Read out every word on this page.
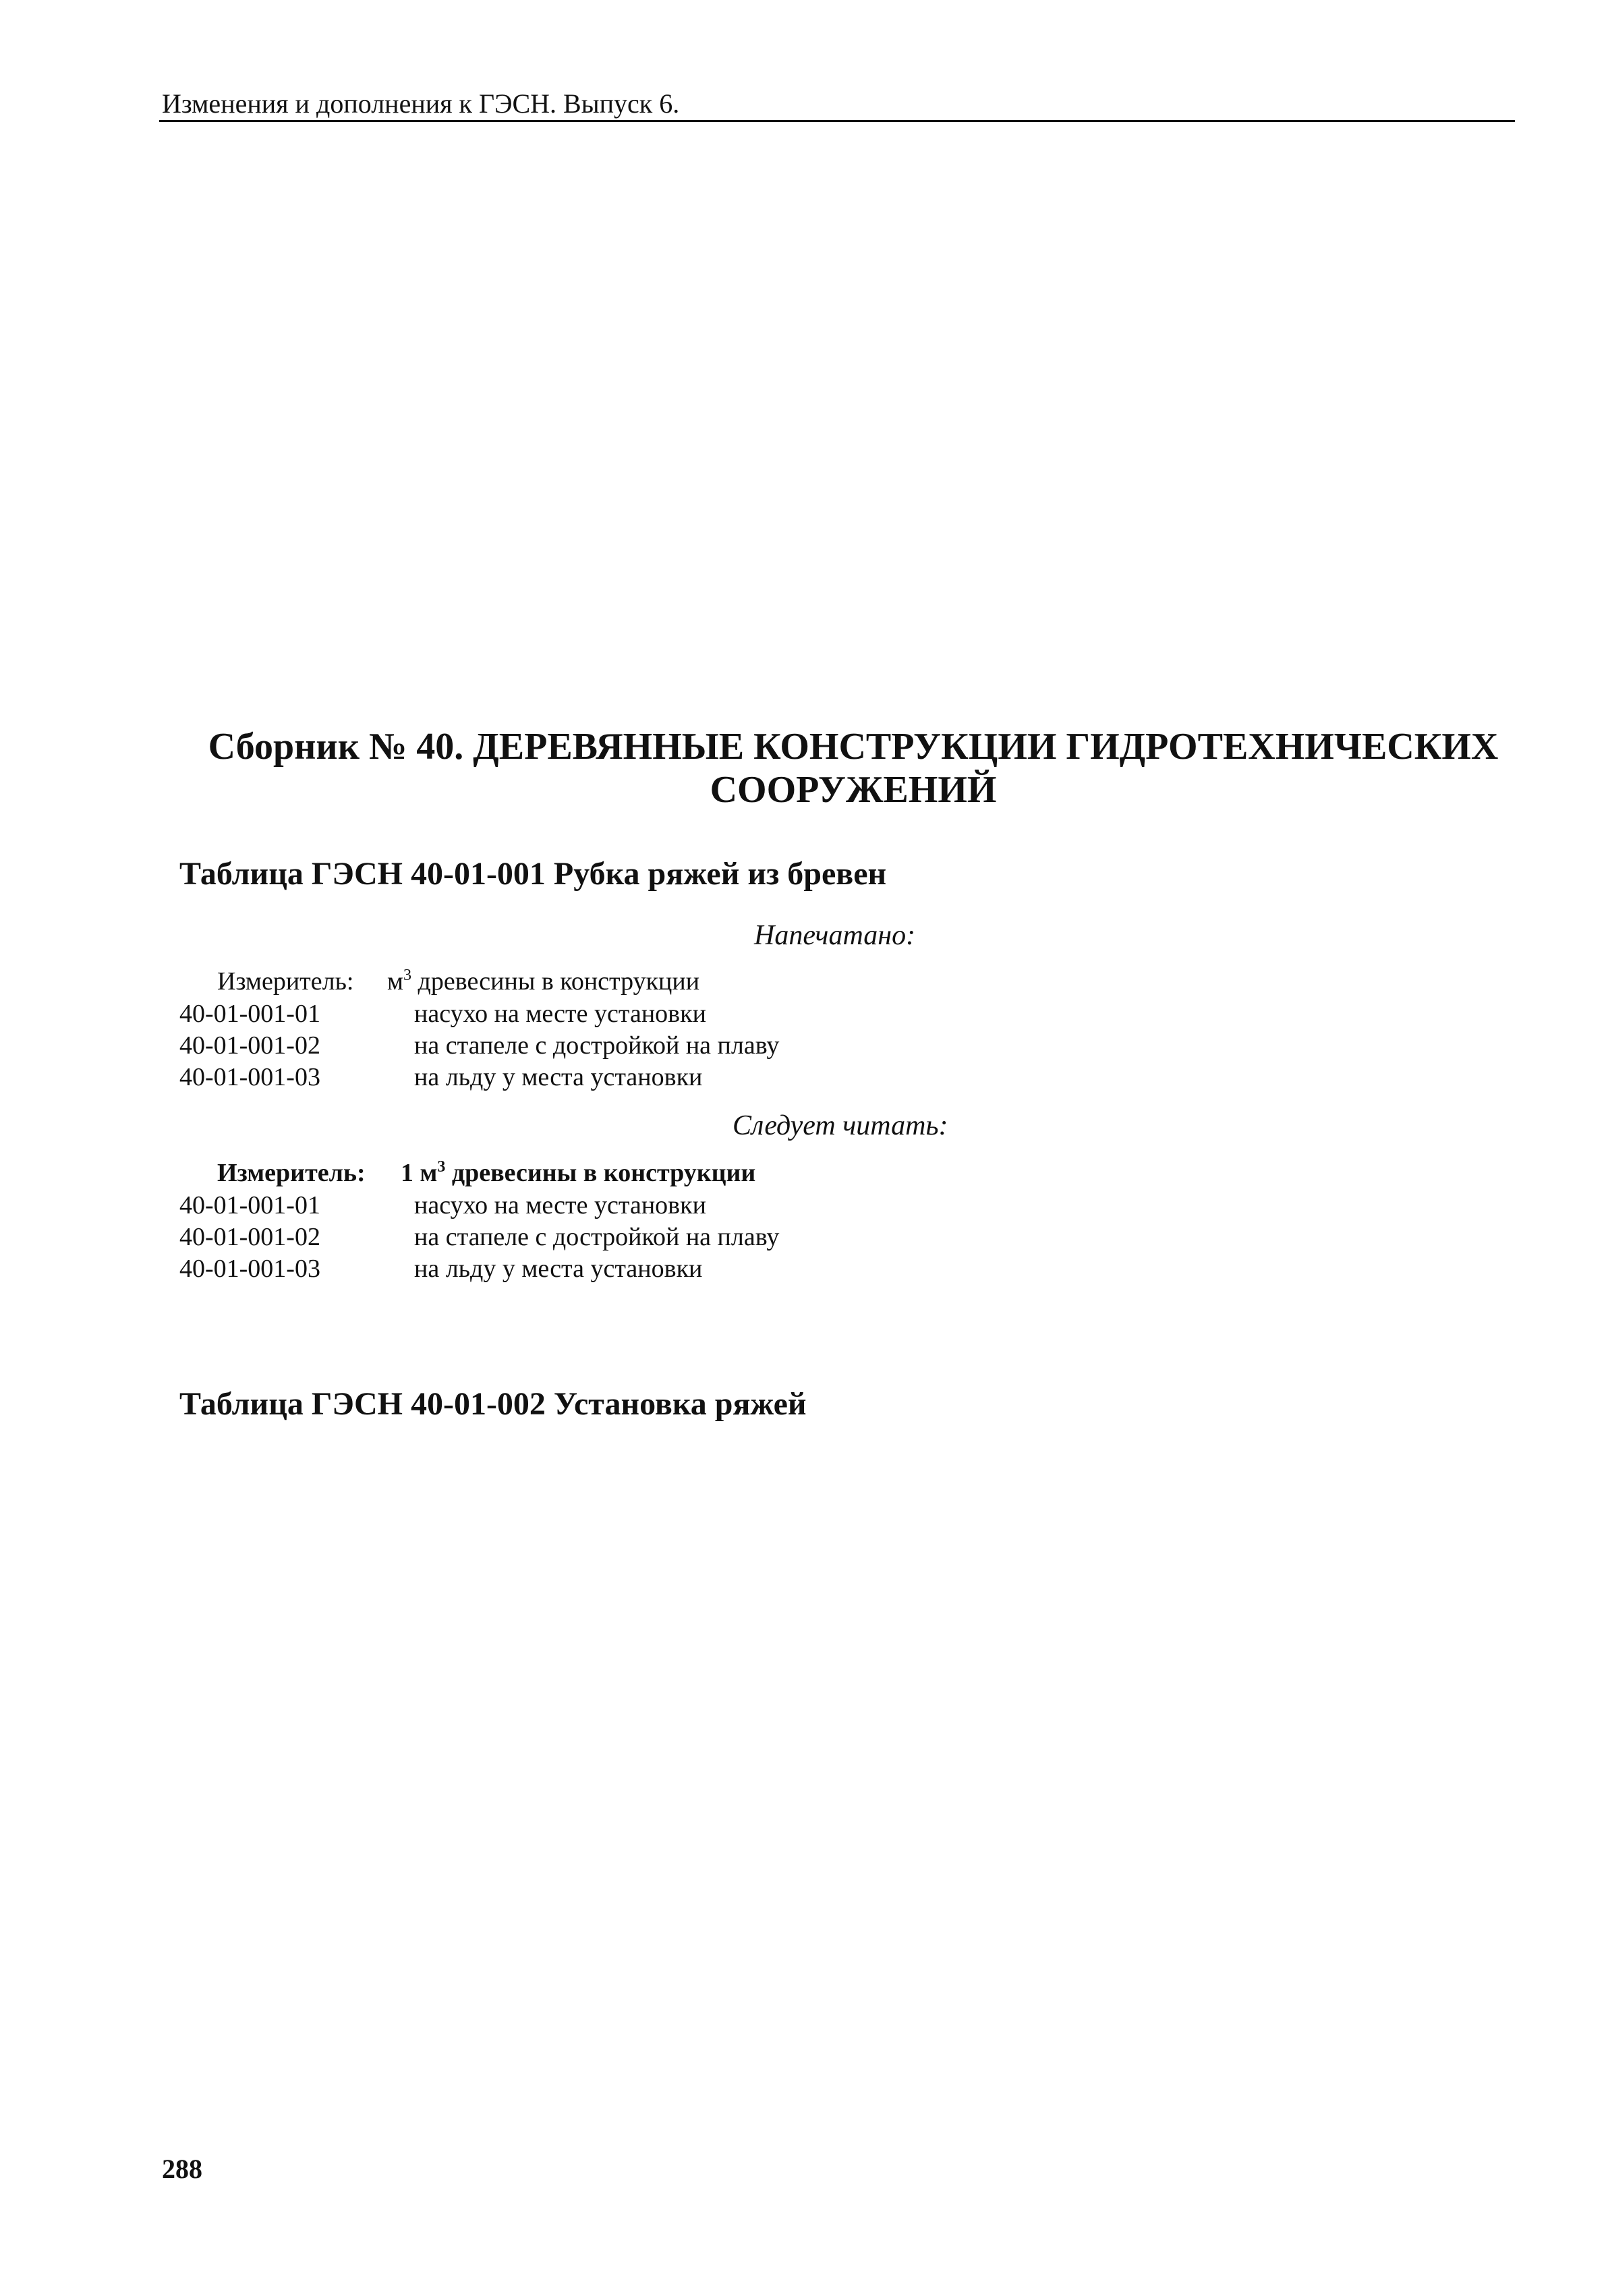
Изменения и дополнения к ГЭСН. Выпуск 6.
Сборник № 40. ДЕРЕВЯННЫЕ КОНСТРУКЦИИ ГИДРОТЕХНИЧЕСКИХ
СООРУЖЕНИЙ
Таблица ГЭСН 40-01-001 Рубка ряжей из бревен
Напечатано:
Измеритель: $м^3$ древесины в конструкции
40-01-001-01	насухо на месте установки
40-01-001-02	на стапеле с достройкой на плаву
40-01-001-03	на льду у места установки
Следует читать:
Измеритель: 1 $м^3$ древесины в конструкции
40-01-001-01	насухо на месте установки
40-01-001-02	на стапеле с достройкой на плаву
40-01-001-03	на льду у места установки
Таблица ГЭСН 40-01-002 Установка ряжей
288
